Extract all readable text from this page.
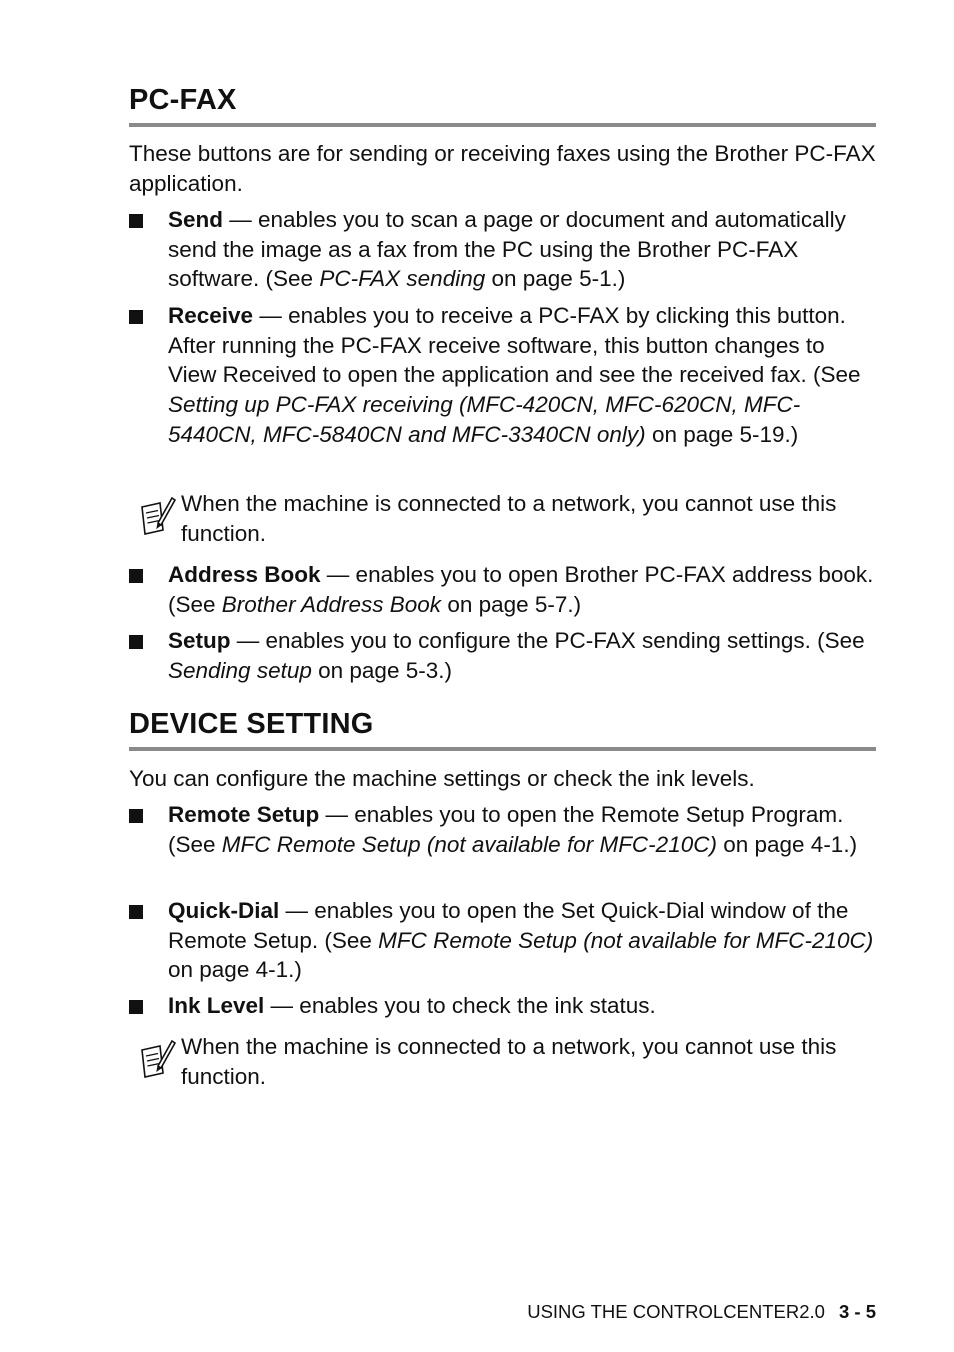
PC-FAX

These buttons are for sending or receiving faxes using the Brother PC-FAX application.

Send — enables you to scan a page or document and automatically send the image as a fax from the PC using the Brother PC-FAX software. (See PC-FAX sending on page 5-1.)
Receive — enables you to receive a PC-FAX by clicking this button. After running the PC-FAX receive software, this button changes to View Received to open the application and see the received fax. (See Setting up PC-FAX receiving (MFC-420CN, MFC-620CN, MFC-5440CN, MFC-5840CN and MFC-3340CN only) on page 5-19.)
When the machine is connected to a network, you cannot use this function.
Address Book — enables you to open Brother PC-FAX address book. (See Brother Address Book on page 5-7.)
Setup — enables you to configure the PC-FAX sending settings. (See Sending setup on page 5-3.)
DEVICE SETTING

You can configure the machine settings or check the ink levels.

Remote Setup — enables you to open the Remote Setup Program. (See MFC Remote Setup (not available for MFC-210C) on page 4-1.)
Quick-Dial — enables you to open the Set Quick-Dial window of the Remote Setup. (See MFC Remote Setup (not available for MFC-210C) on page 4-1.)
Ink Level — enables you to check the ink status.
When the machine is connected to a network, you cannot use this function.
USING THE CONTROLCENTER2.0 3 - 5
